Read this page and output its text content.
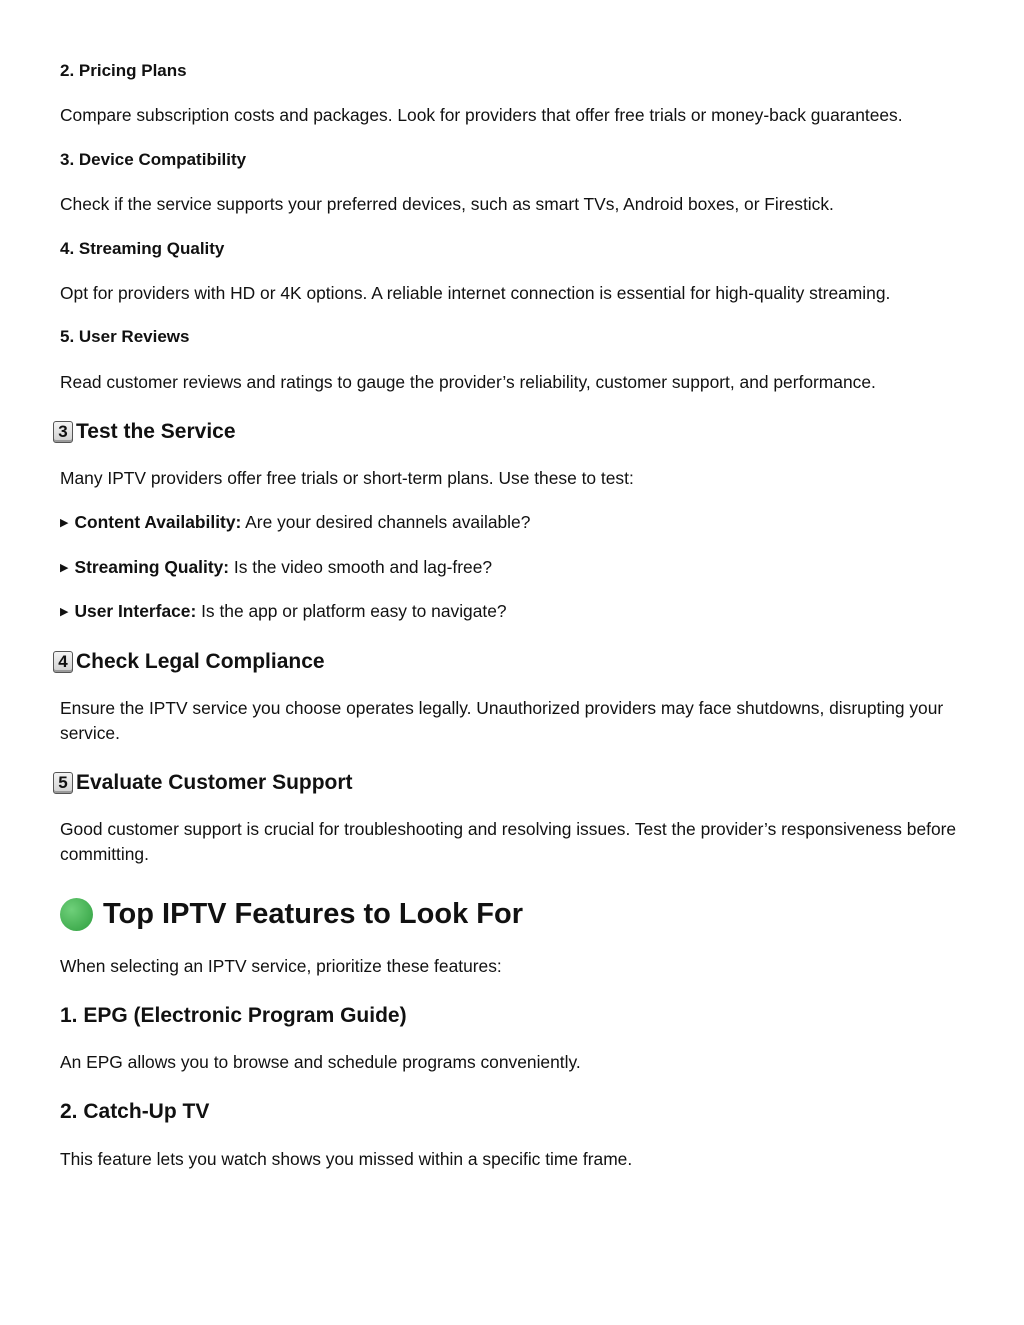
2. Pricing Plans

Compare subscription costs and packages. Look for providers that offer free trials or money-back guarantees.

3. Device Compatibility

Check if the service supports your preferred devices, such as smart TVs, Android boxes, or Firestick.

4. Streaming Quality

Opt for providers with HD or 4K options. A reliable internet connection is essential for high-quality streaming.

5. User Reviews

Read customer reviews and ratings to gauge the provider’s reliability, customer support, and performance.

3 Test the Service

Many IPTV providers offer free trials or short-term plans. Use these to test:

▶ Content Availability: Are your desired channels available?
▶ Streaming Quality: Is the video smooth and lag-free?
▶ User Interface: Is the app or platform easy to navigate?
4 Check Legal Compliance

Ensure the IPTV service you choose operates legally. Unauthorized providers may face shutdowns, disrupting your service.

5 Evaluate Customer Support

Good customer support is crucial for troubleshooting and resolving issues. Test the provider’s responsiveness before committing.

Top IPTV Features to Look For

When selecting an IPTV service, prioritize these features:

1. EPG (Electronic Program Guide)

An EPG allows you to browse and schedule programs conveniently.

2. Catch-Up TV

This feature lets you watch shows you missed within a specific time frame.
